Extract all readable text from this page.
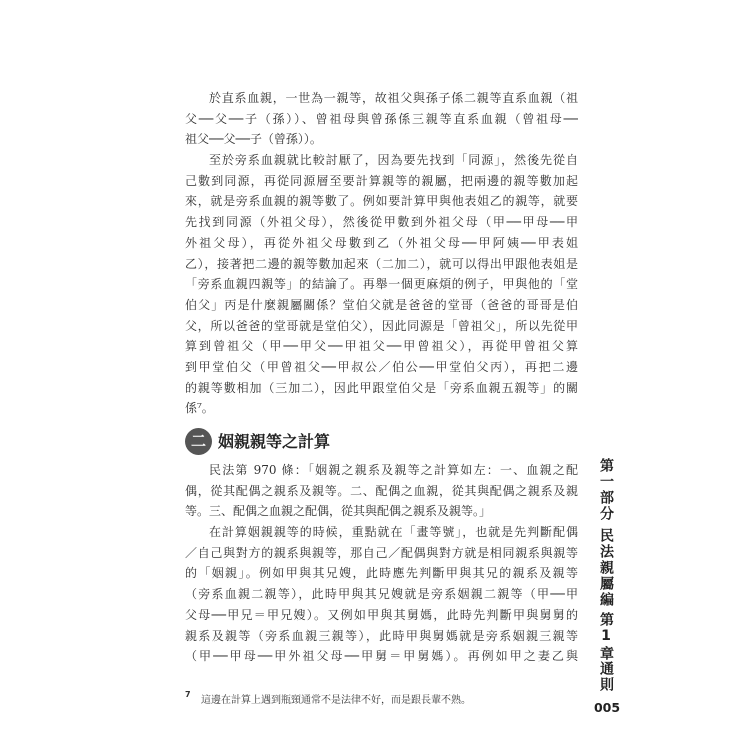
於直系血親，一世為一親等，故祖父與孫子係二親等直系血親（祖
父──父──子（孫））、曾祖母與曾孫係三親等直系血親（曾祖母──
祖父──父──子（曾孫））。
至於旁系血親就比較討厭了，因為要先找到「同源」，然後先從自
己數到同源，再從同源層至要計算親等的親屬，把兩邊的親等數加起
來，就是旁系血親的親等數了。例如要計算甲與他表姐乙的親等，就要
先找到同源（外祖父母），然後從甲數到外祖父母（甲──甲母──甲
外祖父母），再從外祖父母數到乙（外祖父母──甲阿姨──甲表姐
乙），接著把二邊的親等數加起來（二加二），就可以得出甲跟他表姐是
「旁系血親四親等」的結論了。再舉一個更麻煩的例子，甲與他的「堂
伯父」丙是什麼親屬關係？堂伯父就是爸爸的堂哥（爸爸的哥哥是伯
父，所以爸爸的堂哥就是堂伯父），因此同源是「曾祖父」，所以先從甲
算到曾祖父（甲──甲父──甲祖父──甲曾祖父），再從甲曾祖父算
到甲堂伯父（甲曾祖父──甲叔公／伯公──甲堂伯父丙），再把二邊
的親等數相加（三加二），因此甲跟堂伯父是「旁系血親五親等」的關
係⁷。
二 姻親親等之計算
民法第 970 條：「姻親之親系及親等之計算如左：一、血親之配
偶，從其配偶之親系及親等。二、配偶之血親，從其與配偶之親系及親
等。三、配偶之血親之配偶，從其與配偶之親系及親等。」
在計算姻親親等的時候，重點就在「畫等號」，也就是先判斷配偶
／自己與對方的親系與親等，那自己／配偶與對方就是相同親系與親等
的「姻親」。例如甲與其兄嫂，此時應先判斷甲與其兄的親系及親等
（旁系血親二親等），此時甲與其兄嫂就是旁系姻親二親等（甲──甲
父母──甲兄＝甲兄嫂）。又例如甲與其舅媽，此時先判斷甲與舅舅的
親系及親等（旁系血親三親等），此時甲與舅媽就是旁系姻親三親等
（甲──甲母──甲外祖父母──甲舅＝甲舅媽）。再例如甲之妻乙與
7
這邊在計算上遇到瓶頸通常不是法律不好，而是跟長輩不熟。
第一部分
民法親屬編
第1章
通則
005
